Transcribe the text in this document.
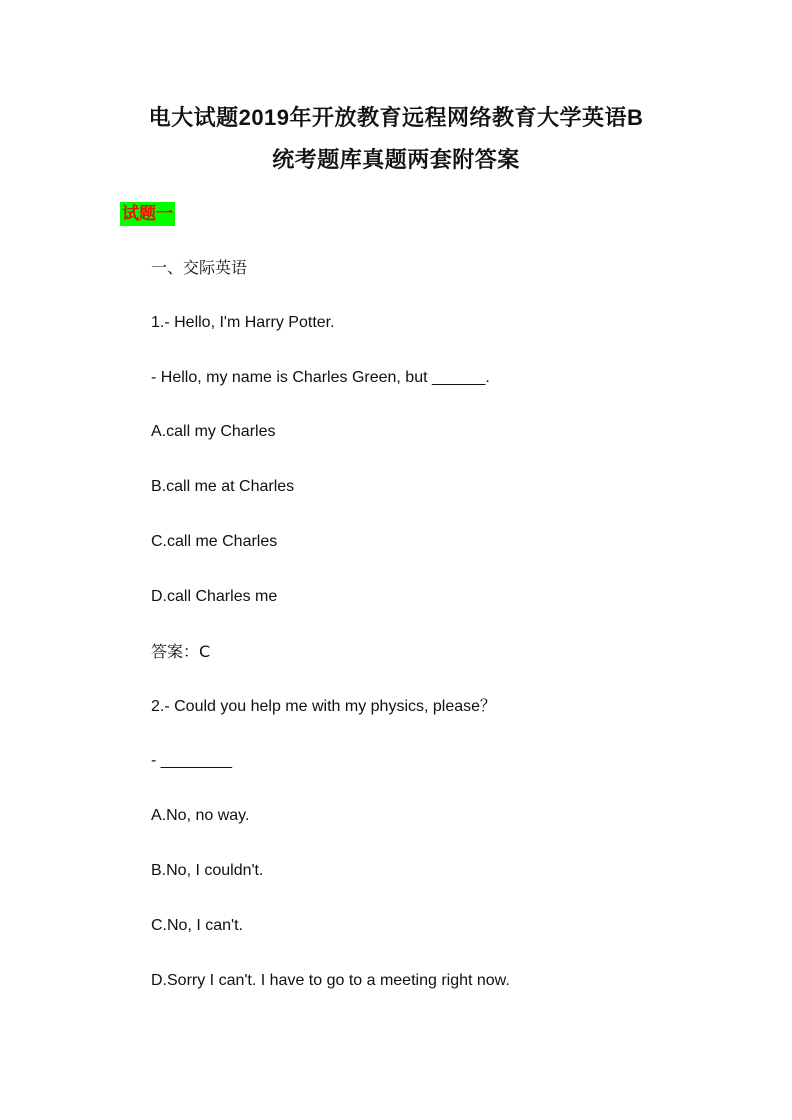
电大试题2019年开放教育远程网络教育大学英语B
统考题库真题两套附答案
试题一

一、交际英语

1.- Hello, I'm Harry Potter.

- Hello, my name is Charles Green, but ______.

A.call my Charles

B.call me at Charles

C.call me Charles

D.call Charles me

答案：C

2.- Could you help me with my physics, please？

- ________

A.No, no way.

B.No, I couldn't.

C.No, I can't.

D.Sorry I can't. I have to go to a meeting right now.
